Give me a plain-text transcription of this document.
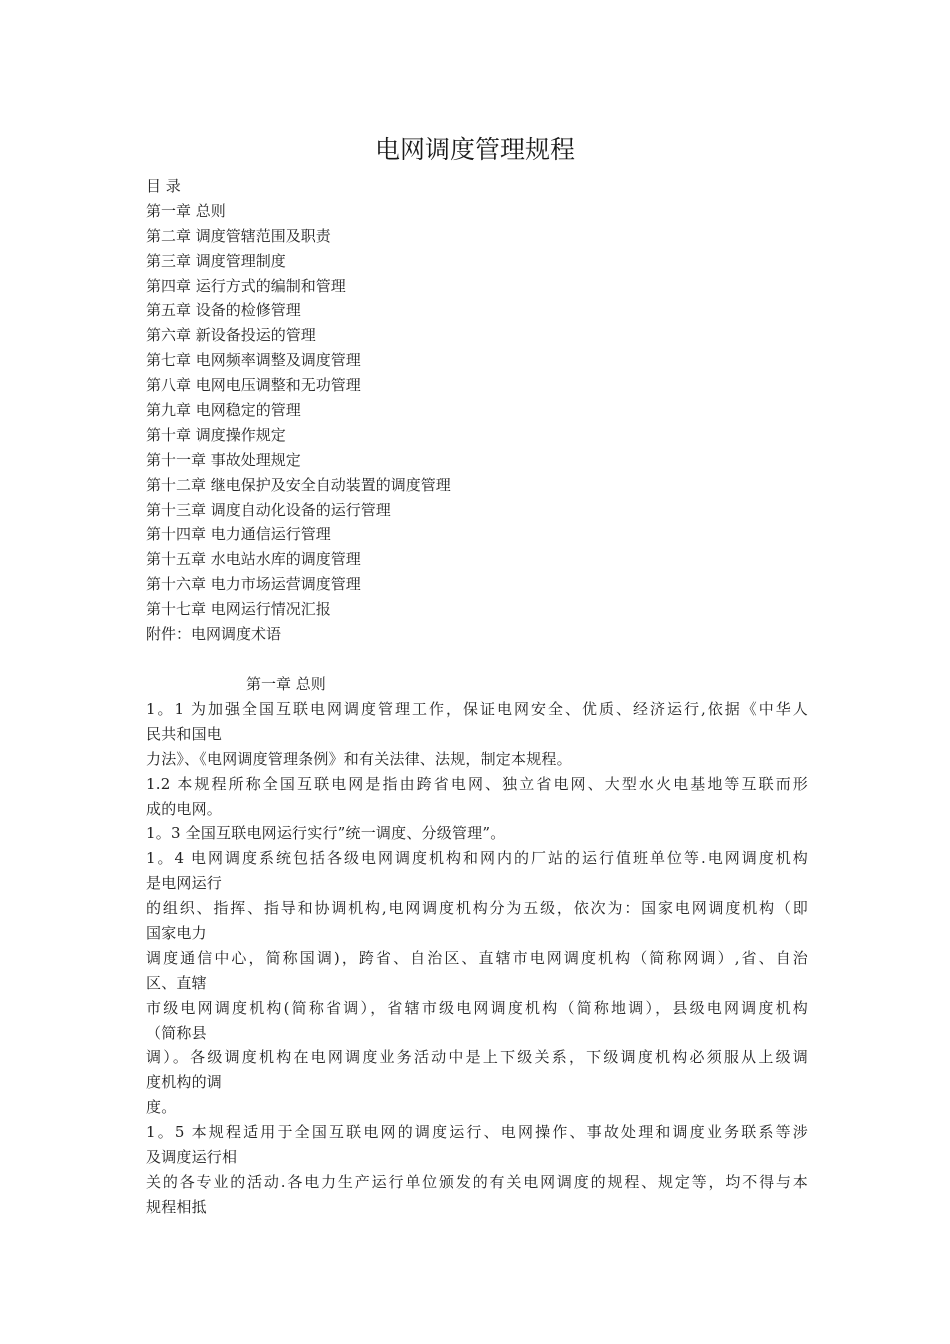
电网调度管理规程
目 录
第一章 总则
第二章 调度管辖范围及职责
第三章 调度管理制度
第四章 运行方式的编制和管理
第五章 设备的检修管理
第六章 新设备投运的管理
第七章 电网频率调整及调度管理
第八章 电网电压调整和无功管理
第九章 电网稳定的管理
第十章 调度操作规定
第十一章 事故处理规定
第十二章 继电保护及安全自动装置的调度管理
第十三章 调度自动化设备的运行管理
第十四章 电力通信运行管理
第十五章 水电站水库的调度管理
第十六章 电力市场运营调度管理
第十七章 电网运行情况汇报
附件：电网调度术语
第一章 总则
1。1 为加强全国互联电网调度管理工作，保证电网安全、优质、经济运行,依据《中华人
民共和国电
力法》、《电网调度管理条例》和有关法律、法规，制定本规程。
1.2 本规程所称全国互联电网是指由跨省电网、独立省电网、大型水火电基地等互联而形
成的电网。
1。3 全国互联电网运行实行”统一调度、分级管理”。
1。4 电网调度系统包括各级电网调度机构和网内的厂站的运行值班单位等.电网调度机构
是电网运行
的组织、指挥、指导和协调机构,电网调度机构分为五级，依次为：国家电网调度机构（即
国家电力
调度通信中心，简称国调)，跨省、自治区、直辖市电网调度机构（简称网调）,省、自治
区、直辖
市级电网调度机构(简称省调），省辖市级电网调度机构（简称地调），县级电网调度机构
（简称县
调）。各级调度机构在电网调度业务活动中是上下级关系，下级调度机构必须服从上级调
度机构的调
度。
1。5 本规程适用于全国互联电网的调度运行、电网操作、事故处理和调度业务联系等涉
及调度运行相
关的各专业的活动.各电力生产运行单位颁发的有关电网调度的规程、规定等，均不得与本
规程相抵
